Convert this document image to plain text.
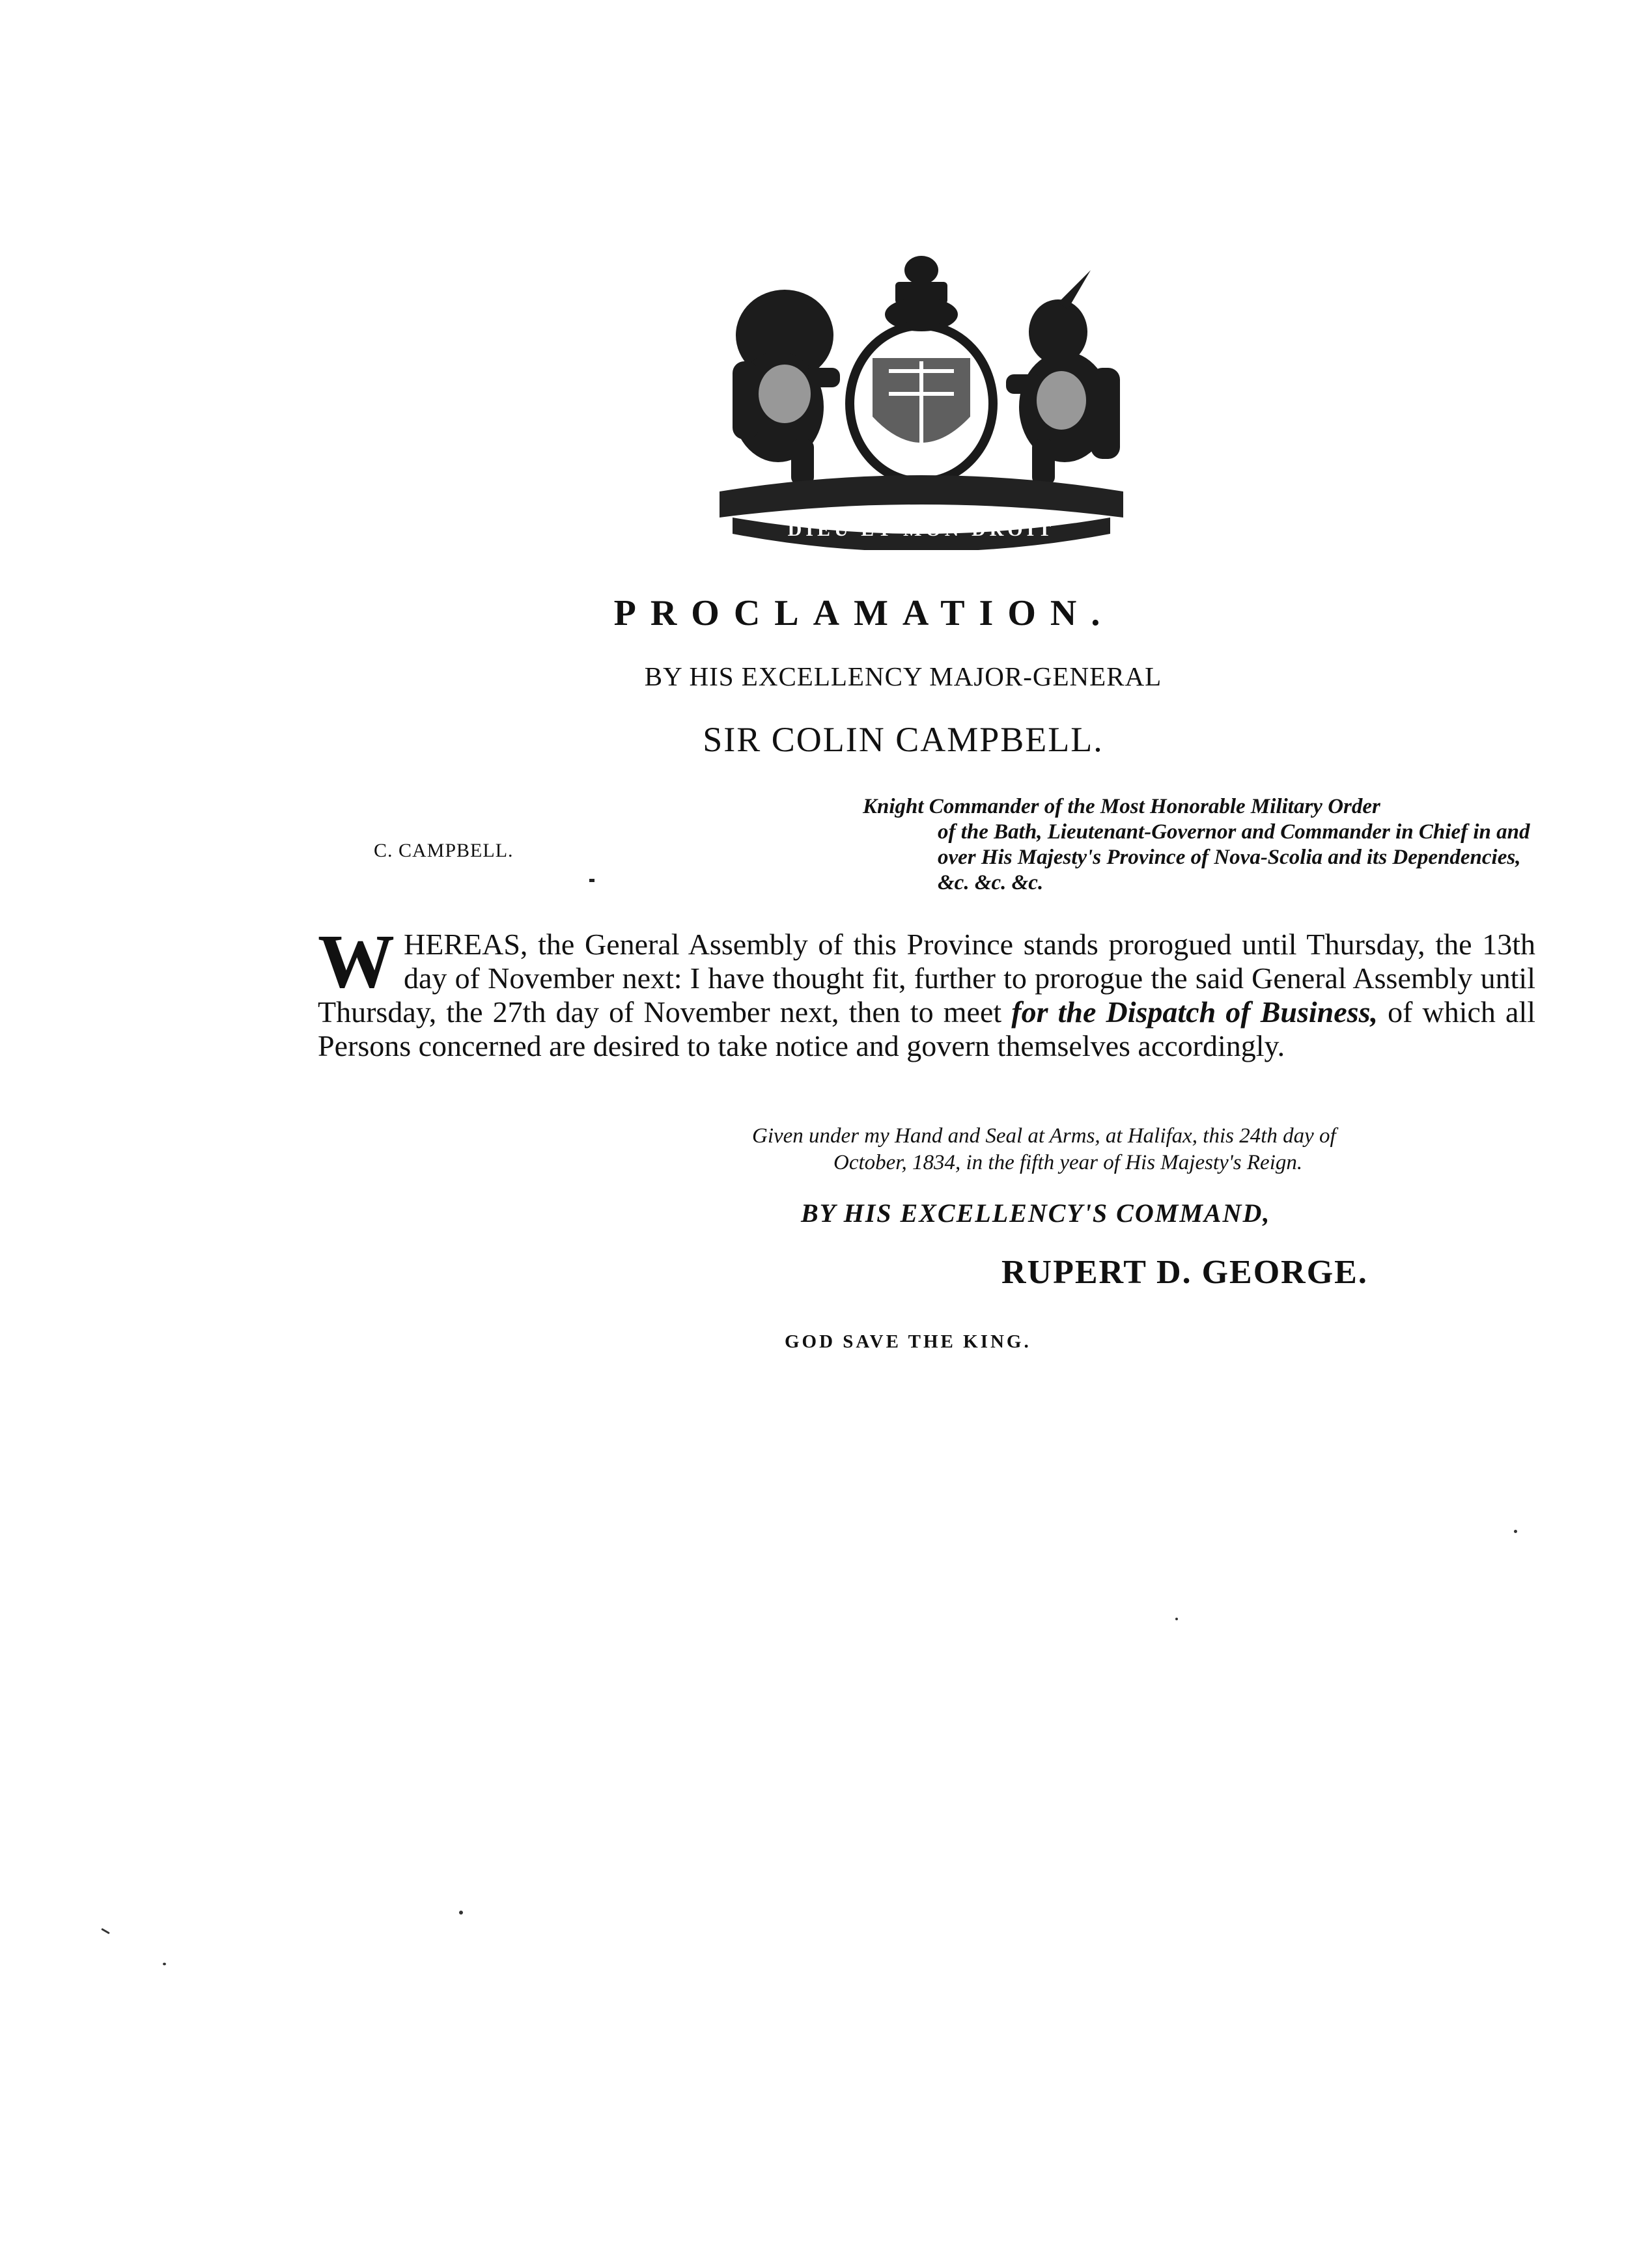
DIEU ET MON DROIT
PROCLAMATION.
BY HIS EXCELLENCY MAJOR-GENERAL
SIR COLIN CAMPBELL.
Knight Commander of the Most Honorable Military Order
of the Bath, Lieutenant-Governor and Commander in Chief in and over His Majesty's Province of Nova-Scolia and its Dependencies, &c. &c. &c.
C. CAMPBELL.
WHEREAS, the General Assembly of this Province stands prorogued until Thursday, the 13th day of November next: I have thought fit, further to prorogue the said General Assembly until Thursday, the 27th day of November next, then to meet for the Dispatch of Business, of which all Persons concerned are desired to take notice and govern themselves accordingly.
Given under my Hand and Seal at Arms, at Halifax, this 24th day of
October, 1834, in the fifth year of His Majesty's Reign.
BY HIS EXCELLENCY'S COMMAND,
RUPERT D. GEORGE.
GOD SAVE THE KING.
